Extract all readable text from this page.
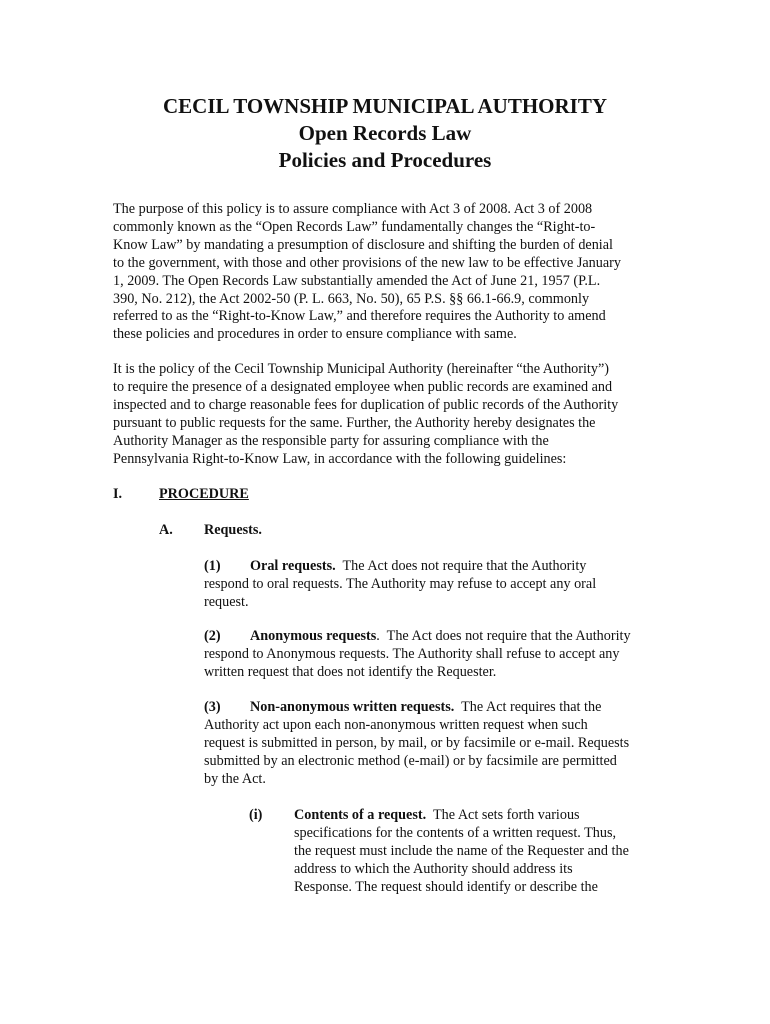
CECIL TOWNSHIP MUNICIPAL AUTHORITY
Open Records Law
Policies and Procedures
The purpose of this policy is to assure compliance with Act 3 of 2008. Act 3 of 2008
commonly known as the “Open Records Law” fundamentally changes the “Right-to-
Know Law” by mandating a presumption of disclosure and shifting the burden of denial
to the government, with those and other provisions of the new law to be effective January
1, 2009. The Open Records Law substantially amended the Act of June 21, 1957 (P.L.
390, No. 212), the Act 2002-50 (P. L. 663, No. 50), 65 P.S. §§ 66.1-66.9, commonly
referred to as the “Right-to-Know Law,” and therefore requires the Authority to amend
these policies and procedures in order to ensure compliance with same.
It is the policy of the Cecil Township Municipal Authority (hereinafter “the Authority”)
to require the presence of a designated employee when public records are examined and
inspected and to charge reasonable fees for duplication of public records of the Authority
pursuant to public requests for the same. Further, the Authority hereby designates the
Authority Manager as the responsible party for assuring compliance with the
Pennsylvania Right-to-Know Law, in accordance with the following guidelines:
I.	PROCEDURE
A. Requests.
(1) Oral requests.  The Act does not require that the Authority
respond to oral requests. The Authority may refuse to accept any oral
request.
(2) Anonymous requests.  The Act does not require that the Authority
respond to Anonymous requests. The Authority shall refuse to accept any
written request that does not identify the Requester.
(3) Non-anonymous written requests.  The Act requires that the
Authority act upon each non-anonymous written request when such
request is submitted in person, by mail, or by facsimile or e-mail. Requests
submitted by an electronic method (e-mail) or by facsimile are permitted
by the Act.
(i) Contents of a request.  The Act sets forth various
specifications for the contents of a written request. Thus,
the request must include the name of the Requester and the
address to which the Authority should address its
Response. The request should identify or describe the
